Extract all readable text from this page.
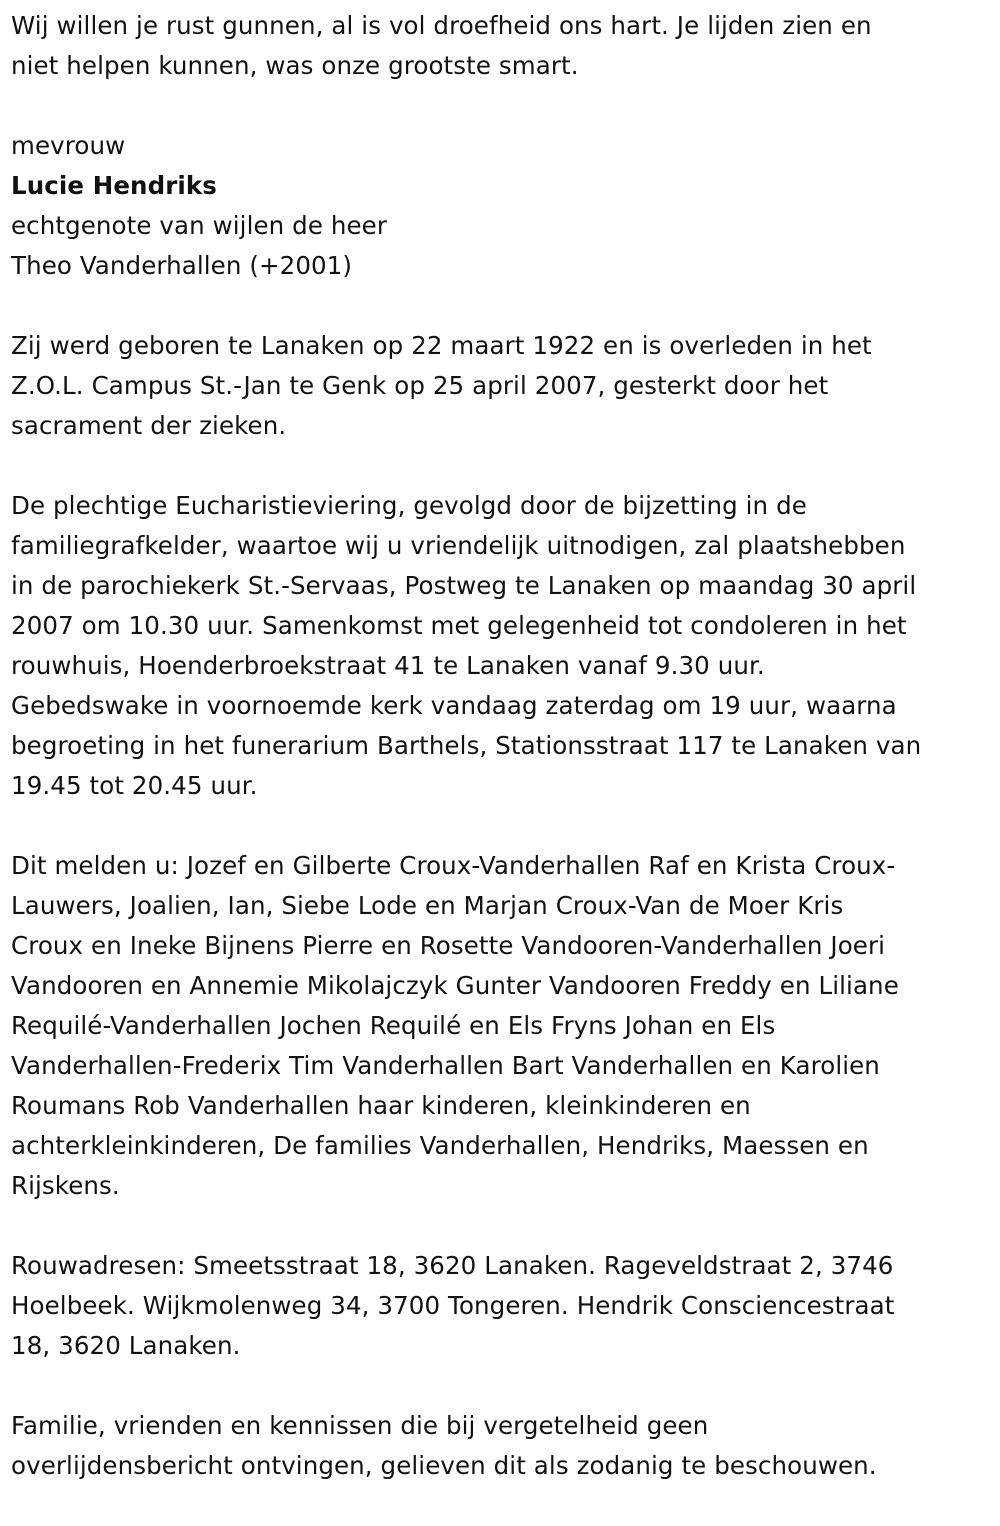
Wij willen je rust gunnen, al is vol droefheid ons hart. Je lijden zien en
niet helpen kunnen, was onze grootste smart.

mevrouw

Lucie Hendriks

echtgenote van wijlen de heer

Theo Vanderhallen (+2001)

Zij werd geboren te Lanaken op 22 maart 1922 en is overleden in het
Z.O.L. Campus St.-Jan te Genk op 25 april 2007, gesterkt door het
sacrament der zieken.

De plechtige Eucharistieviering, gevolgd door de bijzetting in de
familiegrafkelder, waartoe wij u vriendelijk uitnodigen, zal plaatshebben
in de parochiekerk St.-Servaas, Postweg te Lanaken op maandag 30 april
2007 om 10.30 uur. Samenkomst met gelegenheid tot condoleren in het
rouwhuis, Hoenderbroekstraat 41 te Lanaken vanaf 9.30 uur.
Gebedswake in voornoemde kerk vandaag zaterdag om 19 uur, waarna
begroeting in het funerarium Barthels, Stationsstraat 117 te Lanaken van
19.45 tot 20.45 uur.

Dit melden u: Jozef en Gilberte Croux-Vanderhallen Raf en Krista Croux-
Lauwers, Joalien, Ian, Siebe Lode en Marjan Croux-Van de Moer Kris
Croux en Ineke Bijnens Pierre en Rosette Vandooren-Vanderhallen Joeri
Vandooren en Annemie Mikolajczyk Gunter Vandooren Freddy en Liliane
Requilé-Vanderhallen Jochen Requilé en Els Fryns Johan en Els
Vanderhallen-Frederix Tim Vanderhallen Bart Vanderhallen en Karolien
Roumans Rob Vanderhallen haar kinderen, kleinkinderen en
achterkleinkinderen, De families Vanderhallen, Hendriks, Maessen en
Rijskens.

Rouwadresen: Smeetsstraat 18, 3620 Lanaken. Rageveldstraat 2, 3746
Hoelbeek. Wijkmolenweg 34, 3700 Tongeren. Hendrik Consciencestraat
18, 3620 Lanaken.

Familie, vrienden en kennissen die bij vergetelheid geen
overlijdensbericht ontvingen, gelieven dit als zodanig te beschouwen.
